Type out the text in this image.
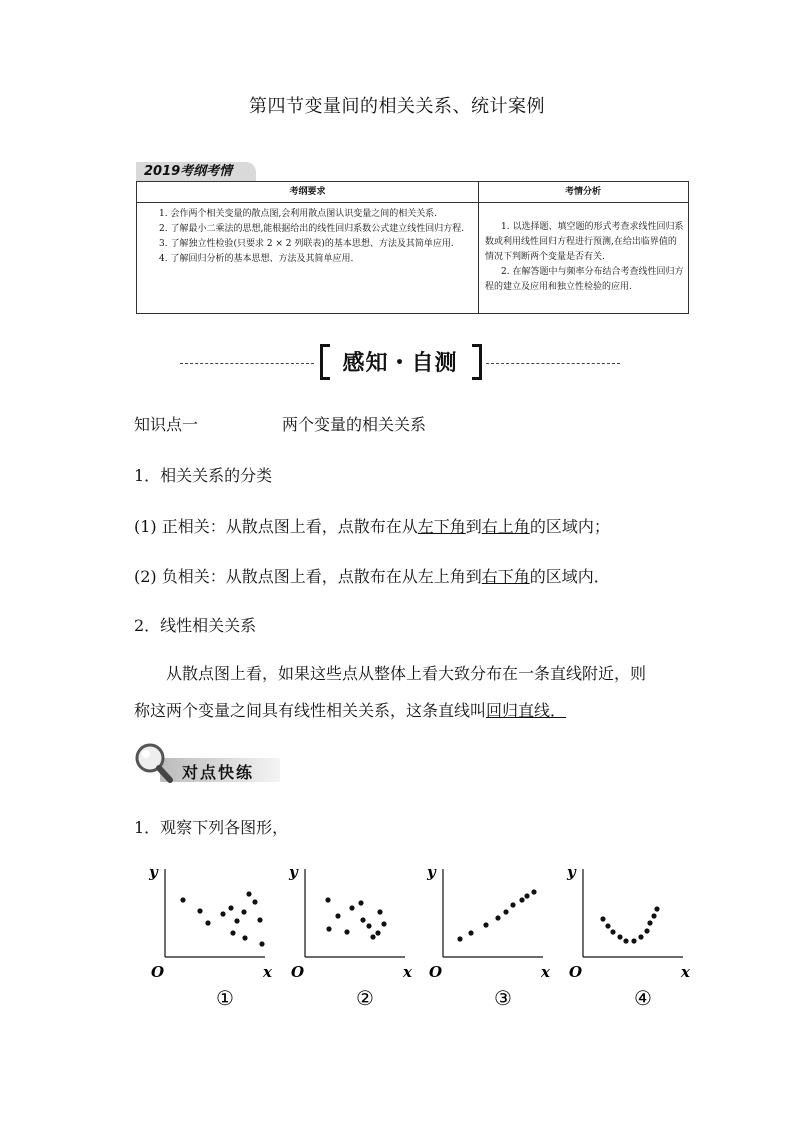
第四节变量间的相关关系、统计案例
2019考纲考情
考纲要求	考情分析

1. 会作两个相关变量的散点图,会利用散点图认识变量之间的相关关系.

2. 了解最小二乘法的思想,能根据给出的线性回归系数公式建立线性回归方程.

3. 了解独立性检验(只要求 2 × 2 列联表)的基本思想、方法及其简单应用.

4. 了解回归分析的基本思想、方法及其简单应用.

1. 以选择题、填空题的形式考查求线性回归系数或利用线性回归方程进行预测,在给出临界值的情况下判断两个变量是否有关.

2. 在解答题中与频率分布结合考查线性回归方程的建立及应用和独立性检验的应用.

感知・自测
知识点一	两个变量的相关关系
1．相关关系的分类
(1) 正相关：从散点图上看，点散布在从左下角到右上角的区域内；
(2) 负相关：从散点图上看，点散布在从左上角到右下角的区域内．
2．线性相关关系
从散点图上看，如果这些点从整体上看大致分布在一条直线附近，则
称这两个变量之间具有线性相关关系，这条直线叫回归直线．
对点快练
1．观察下列各图形，
y
x
O
①
y
x
O
②
y
x
O
③
y
x
O
④
